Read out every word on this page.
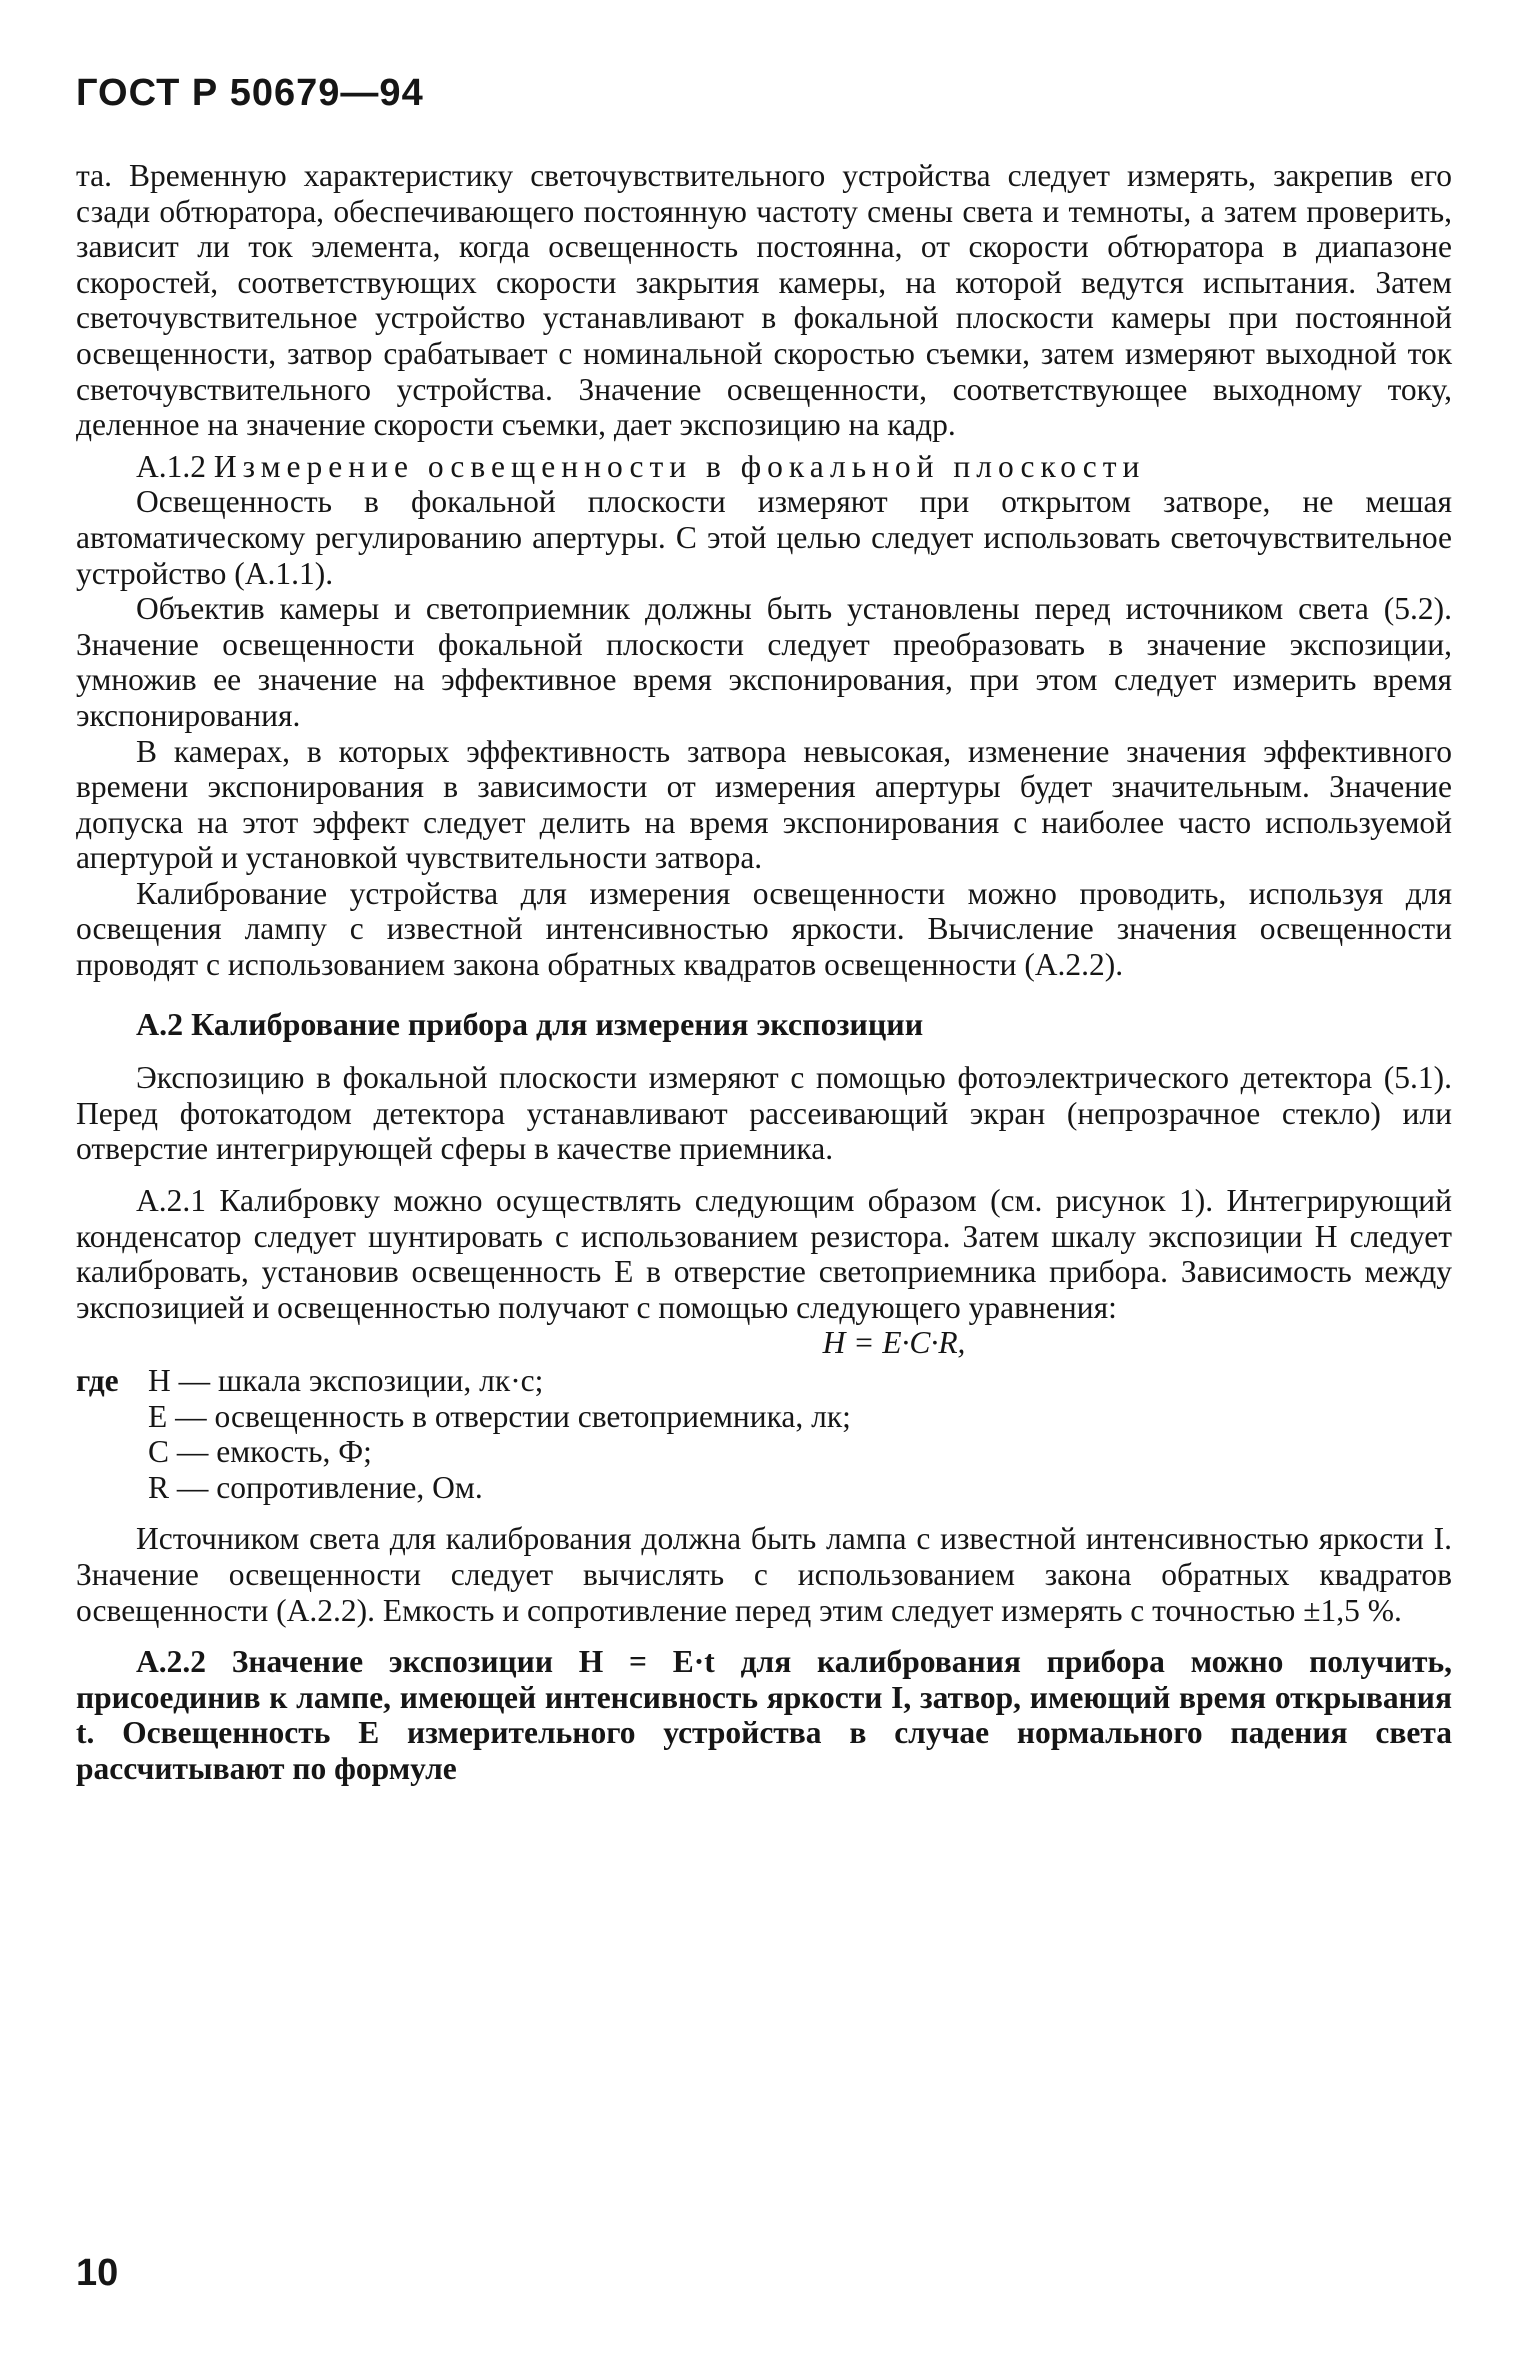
ГОСТ Р 50679—94

та. Временную характеристику светочувствительного устройства следует измерять, закрепив его сзади обтюратора, обеспечивающего постоянную частоту смены света и темноты, а затем проверить, зависит ли ток элемента, когда освещенность постоянна, от скорости обтюратора в диапазоне скоростей, соответствующих скорости закрытия камеры, на которой ведутся испытания. Затем светочувствительное устройство устанавливают в фокальной плоскости камеры при постоянной освещенности, затвор срабатывает с номинальной скоростью съемки, затем измеряют выходной ток светочувствительного устройства. Значение освещенности, соответствующее выходному току, деленное на значение скорости съемки, дает экспозицию на кадр.

А.1.2 Измерение освещенности в фокальной плоскости

Освещенность в фокальной плоскости измеряют при открытом затворе, не мешая автоматическому регулированию апертуры. С этой целью следует использовать светочувствительное устройство (А.1.1).

Объектив камеры и светоприемник должны быть установлены перед источником света (5.2). Значение освещенности фокальной плоскости следует преобразовать в значение экспозиции, умножив ее значение на эффективное время экспонирования, при этом следует измерить время экспонирования.

В камерах, в которых эффективность затвора невысокая, изменение значения эффективного времени экспонирования в зависимости от измерения апертуры будет значительным. Значение допуска на этот эффект следует делить на время экспонирования с наиболее часто используемой апертурой и установкой чувствительности затвора.

Калибрование устройства для измерения освещенности можно проводить, используя для освещения лампу с известной интенсивностью яркости. Вычисление значения освещенности проводят с использованием закона обратных квадратов освещенности (А.2.2).

А.2 Калибрование прибора для измерения экспозиции

Экспозицию в фокальной плоскости измеряют с помощью фотоэлектрического детектора (5.1). Перед фотокатодом детектора устанавливают рассеивающий экран (непрозрачное стекло) или отверстие интегрирующей сферы в качестве приемника.

А.2.1 Калибровку можно осуществлять следующим образом (см. рисунок 1). Интегрирующий конденсатор следует шунтировать с использованием резистора. Затем шкалу экспозиции H следует калибровать, установив освещенность E в отверстие светоприемника прибора. Зависимость между экспозицией и освещенностью получают с помощью следующего уравнения:

H = E·C·R,
где H — шкала экспозиции, лк·с;
E — освещенность в отверстии светоприемника, лк;
C — емкость, Ф;
R — сопротивление, Ом.

Источником света для калибрования должна быть лампа с известной интенсивностью яркости I. Значение освещенности следует вычислять с использованием закона обратных квадратов освещенности (А.2.2). Емкость и сопротивление перед этим следует измерять с точностью ±1,5 %.

А.2.2 Значение экспозиции H = E·t для калибрования прибора можно получить, присоединив к лампе, имеющей интенсивность яркости I, затвор, имеющий время открывания t. Освещенность E измерительного устройства в случае нормального падения света рассчитывают по формуле

10
